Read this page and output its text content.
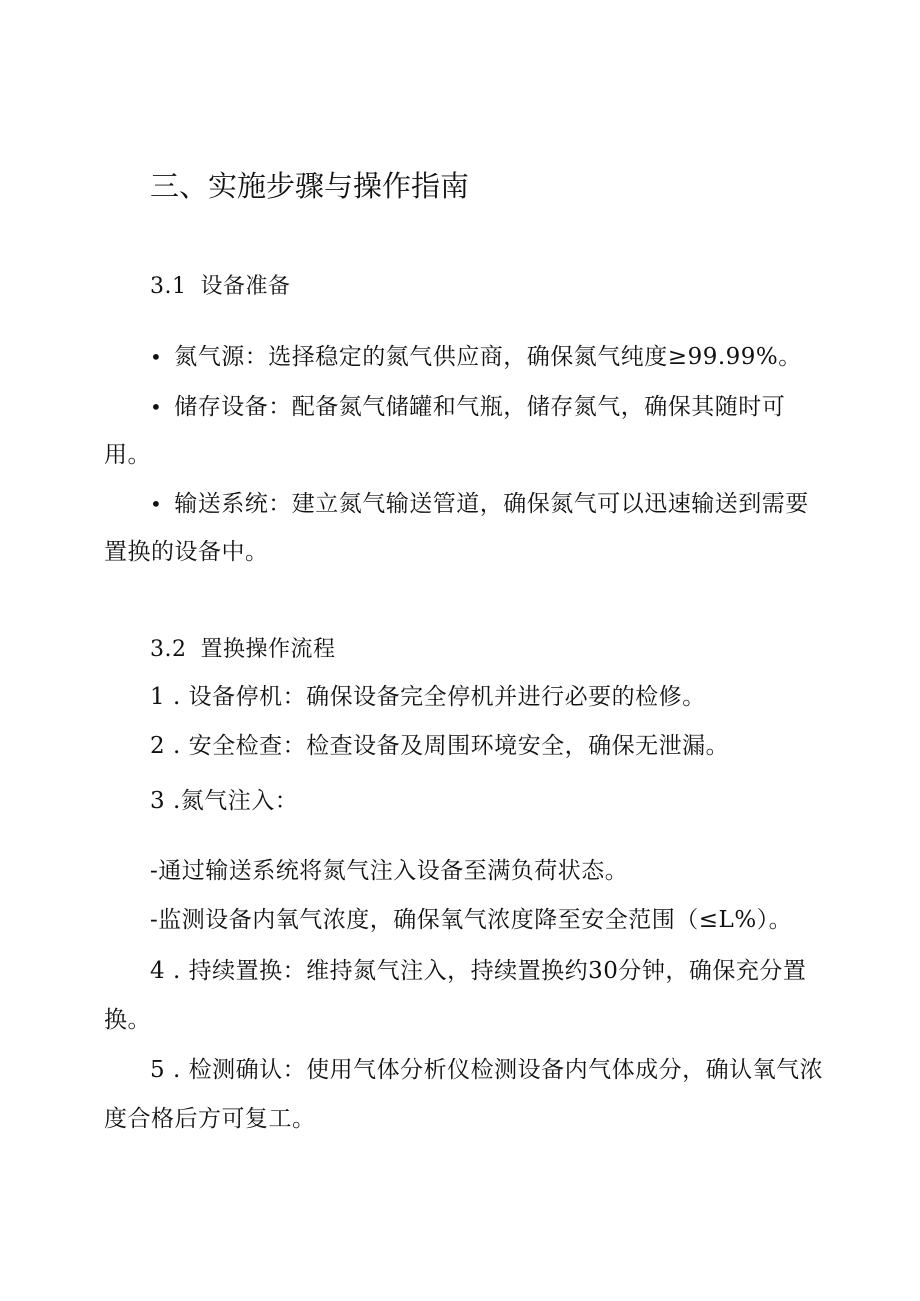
三、实施步骤与操作指南
3.1 设备准备
• 氮气源：选择稳定的氮气供应商，确保氮气纯度≥99.99%。
• 储存设备：配备氮气储罐和气瓶，储存氮气，确保其随时可
用。
• 输送系统：建立氮气输送管道，确保氮气可以迅速输送到需要
置换的设备中。
3.2 置换操作流程
1 . 设备停机：确保设备完全停机并进行必要的检修。
2 . 安全检查：检查设备及周围环境安全，确保无泄漏。
3 .氮气注入：
-通过输送系统将氮气注入设备至满负荷状态。
-监测设备内氧气浓度，确保氧气浓度降至安全范围（≤L%）。
4 . 持续置换：维持氮气注入，持续置换约30分钟，确保充分置
换。
5 . 检测确认：使用气体分析仪检测设备内气体成分，确认氧气浓
度合格后方可复工。
